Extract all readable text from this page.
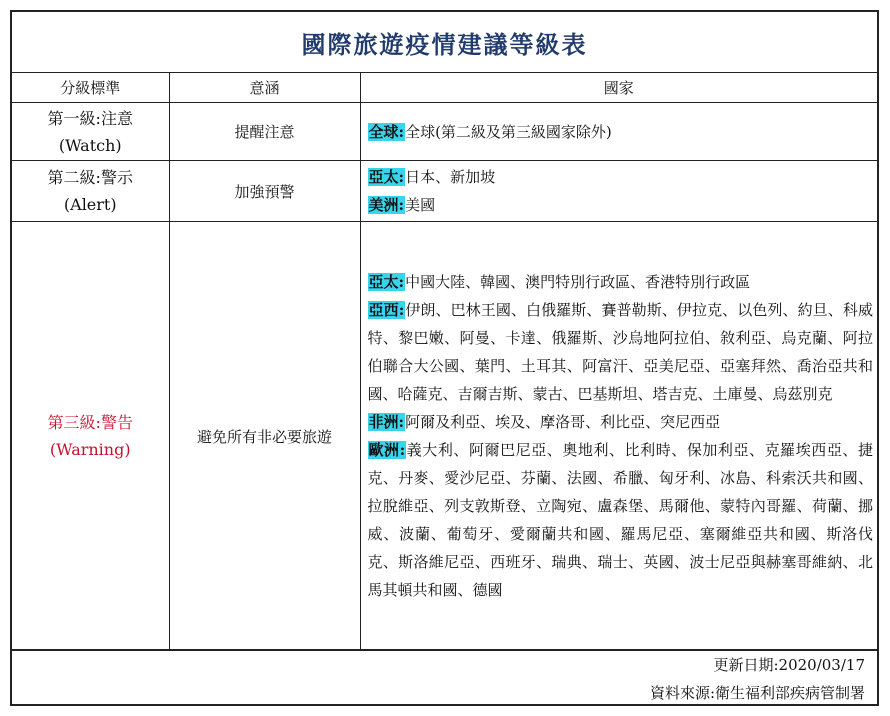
國際旅遊疫情建議等級表
分級標準	意涵	國家

第一級:注意
(Watch)	提醒注意	全球:全球(第二級及第三級國家除外)

第二級:警示
(Alert)	加強預警	亞太:日本、新加坡
美洲:美國

第三級:警告
(Warning)	避免所有非必要旅遊	亞太:中國大陸、韓國、澳門特別行政區、香港特別行政區
亞西:伊朗、巴林王國、白俄羅斯、賽普勒斯、伊拉克、以色列、約旦、科威特、黎巴嫩、阿曼、卡達、俄羅斯、沙烏地阿拉伯、敘利亞、烏克蘭、阿拉伯聯合大公國、葉門、土耳其、阿富汗、亞美尼亞、亞塞拜然、喬治亞共和國、哈薩克、吉爾吉斯、蒙古、巴基斯坦、塔吉克、土庫曼、烏茲別克
非洲:阿爾及利亞、埃及、摩洛哥、利比亞、突尼西亞
歐洲:義大利、阿爾巴尼亞、奧地利、比利時、保加利亞、克羅埃西亞、捷克、丹麥、愛沙尼亞、芬蘭、法國、希臘、匈牙利、冰島、科索沃共和國、拉脫維亞、列支敦斯登、立陶宛、盧森堡、馬爾他、蒙特內哥羅、荷蘭、挪威、波蘭、葡萄牙、愛爾蘭共和國、羅馬尼亞、塞爾維亞共和國、斯洛伐克、斯洛維尼亞、西班牙、瑞典、瑞士、英國、波士尼亞與赫塞哥維納、北馬其頓共和國、德國
更新日期:2020/03/17
資料來源:衛生福利部疾病管制署
